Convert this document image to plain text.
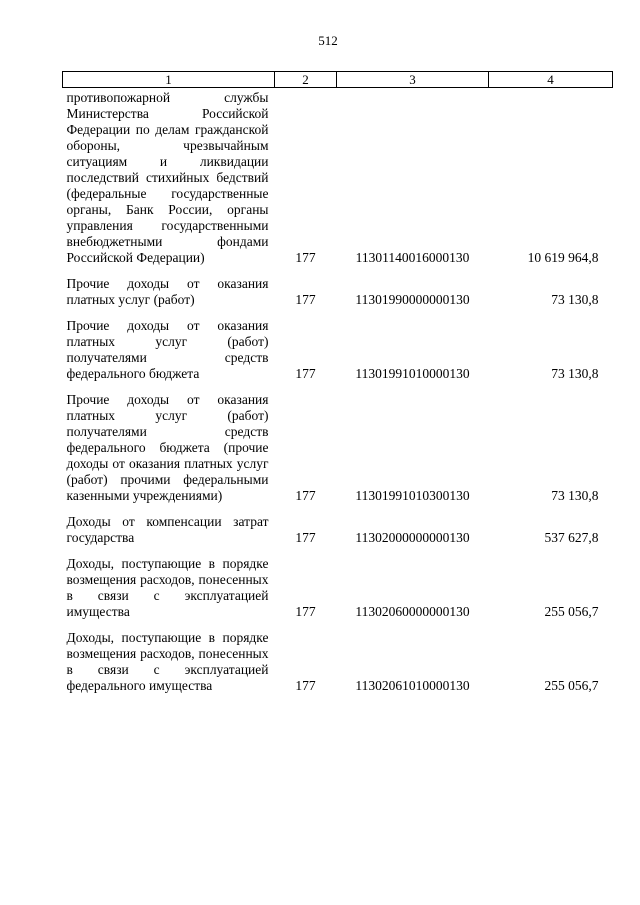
512
1	2	3	4
противопожарной службы Министерства Российской Федерации по делам гражданской обороны, чрезвычайным ситуациям и ликвидации последствий стихийных бедствий (федеральные государственные органы, Банк России, органы управления государственными внебюджетными фондами Российской Федерации)	177	11301140016000130	10 619 964,8
Прочие доходы от оказания платных услуг (работ)	177	11301990000000130	73 130,8
Прочие доходы от оказания платных услуг (работ) получателями средств федерального бюджета	177	11301991010000130	73 130,8
Прочие доходы от оказания платных услуг (работ) получателями средств федерального бюджета (прочие доходы от оказания платных услуг (работ) прочими федеральными казенными учреждениями)	177	11301991010300130	73 130,8
Доходы от компенсации затрат государства	177	11302000000000130	537 627,8
Доходы, поступающие в порядке возмещения расходов, понесенных в связи с эксплуатацией имущества	177	11302060000000130	255 056,7
Доходы, поступающие в порядке возмещения расходов, понесенных в связи с эксплуатацией федерального имущества	177	11302061010000130	255 056,7
